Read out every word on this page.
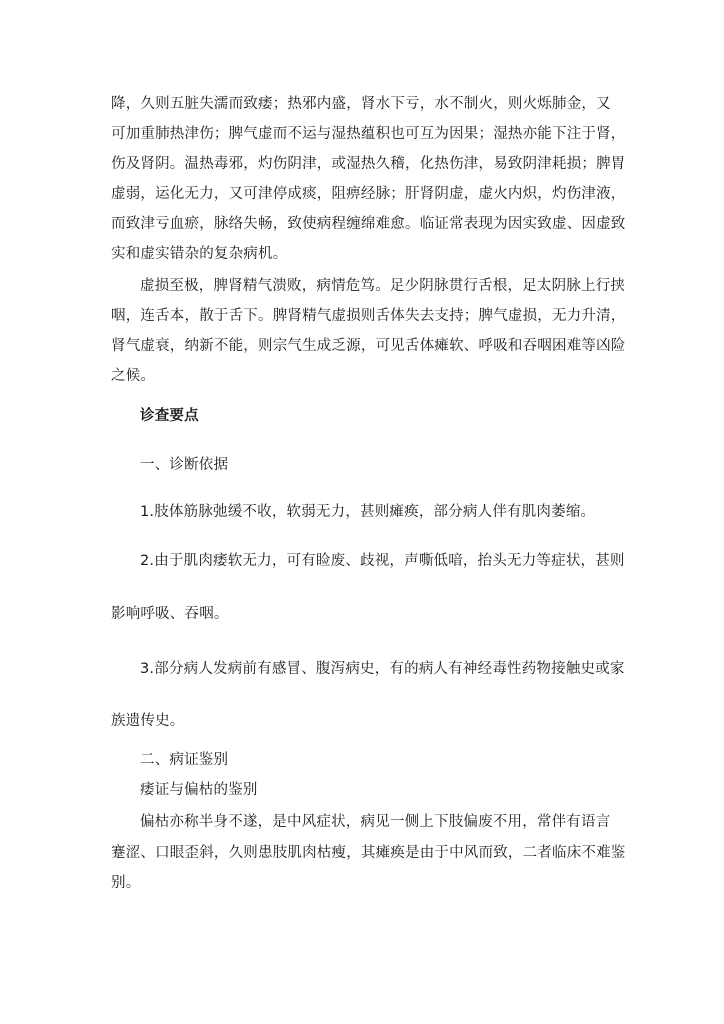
降，久则五脏失濡而致痿；热邪内盛，肾水下亏，水不制火，则火烁肺金，又
可加重肺热津伤；脾气虚而不运与湿热蕴积也可互为因果；湿热亦能下注于肾，
伤及肾阴。温热毒邪，灼伤阴津，或湿热久稽，化热伤津，易致阴津耗损；脾胃
虚弱，运化无力，又可津停成痰，阻痹经脉；肝肾阴虚，虚火内炽，灼伤津液，
而致津亏血瘀，脉络失畅，致使病程缠绵难愈。临证常表现为因实致虚、因虚致
实和虚实错杂的复杂病机。
虚损至极，脾肾精气溃败，病情危笃。足少阴脉贯行舌根，足太阴脉上行挟
咽，连舌本，散于舌下。脾肾精气虚损则舌体失去支持；脾气虚损，无力升清，
肾气虚衰，纳新不能，则宗气生成乏源，可见舌体瘫软、呼吸和吞咽困难等凶险
之候。
诊查要点
一、诊断依据
1.肢体筋脉弛缓不收，软弱无力，甚则瘫痪，部分病人伴有肌肉萎缩。
2.由于肌肉痿软无力，可有睑废、歧视，声嘶低喑，抬头无力等症状，甚则
影响呼吸、吞咽。
3.部分病人发病前有感冒、腹泻病史，有的病人有神经毒性药物接触史或家
族遗传史。
二、病证鉴别
痿证与偏枯的鉴别
偏枯亦称半身不遂，是中风症状，病见一侧上下肢偏废不用，常伴有语言
蹇涩、口眼歪斜，久则患肢肌肉枯瘦，其瘫痪是由于中风而致，二者临床不难鉴
别。
